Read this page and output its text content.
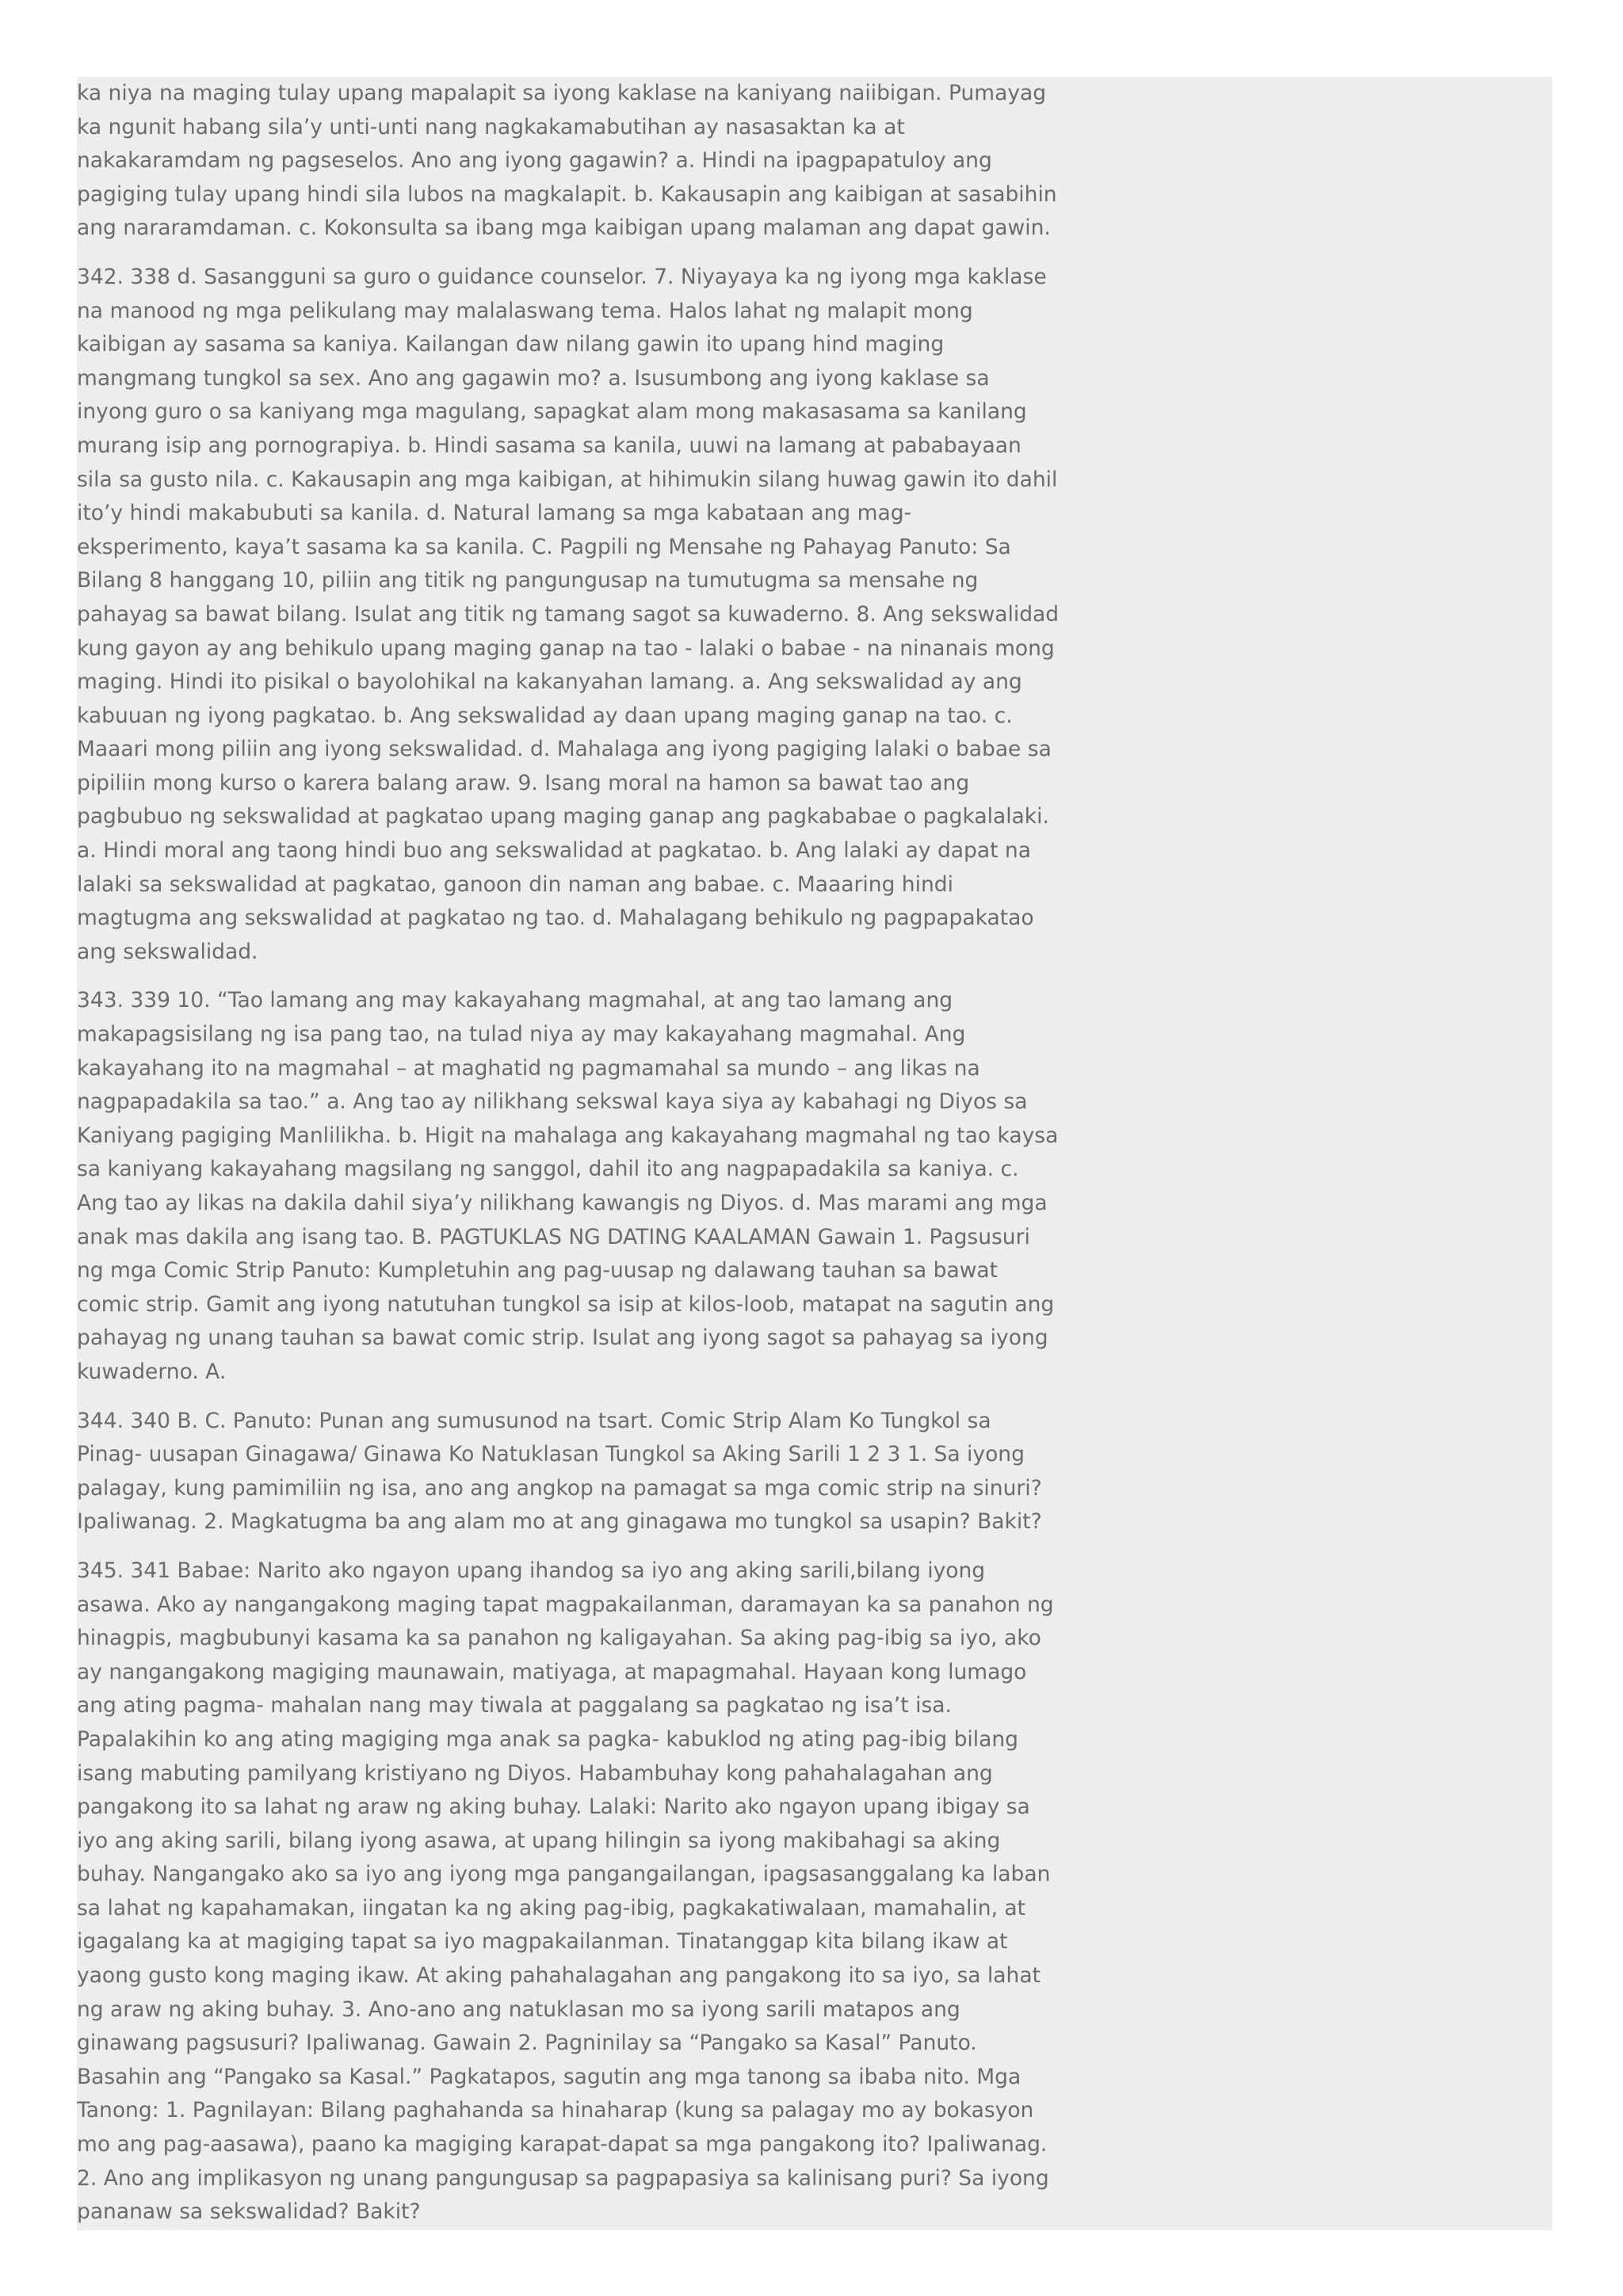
ka niya na maging tulay upang mapalapit sa iyong kaklase na kaniyang naiibigan. Pumayag ka ngunit habang sila’y unti-unti nang nagkakamabutihan ay nasasaktan ka at nakakaramdam ng pagseselos. Ano ang iyong gagawin? a. Hindi na ipagpapatuloy ang pagiging tulay upang hindi sila lubos na magkalapit. b. Kakausapin ang kaibigan at sasabihin ang nararamdaman. c. Kokonsulta sa ibang mga kaibigan upang malaman ang dapat gawin.

342. 338 d. Sasangguni sa guro o guidance counselor. 7. Niyayaya ka ng iyong mga kaklase na manood ng mga pelikulang may malalaswang tema. Halos lahat ng malapit mong kaibigan ay sasama sa kaniya. Kailangan daw nilang gawin ito upang hind maging mangmang tungkol sa sex. Ano ang gagawin mo? a. Isusumbong ang iyong kaklase sa inyong guro o sa kaniyang mga magulang, sapagkat alam mong makasasama sa kanilang murang isip ang pornograpiya. b. Hindi sasama sa kanila, uuwi na lamang at pababayaan sila sa gusto nila. c. Kakausapin ang mga kaibigan, at hihimukin silang huwag gawin ito dahil ito’y hindi makabubuti sa kanila. d. Natural lamang sa mga kabataan ang mag-eksperimento, kaya’t sasama ka sa kanila. C. Pagpili ng Mensahe ng Pahayag Panuto: Sa Bilang 8 hanggang 10, piliin ang titik ng pangungusap na tumutugma sa mensahe ng pahayag sa bawat bilang. Isulat ang titik ng tamang sagot sa kuwaderno. 8. Ang sekswalidad kung gayon ay ang behikulo upang maging ganap na tao - lalaki o babae - na ninanais mong maging. Hindi ito pisikal o bayolohikal na kakanyahan lamang. a. Ang sekswalidad ay ang kabuuan ng iyong pagkatao. b. Ang sekswalidad ay daan upang maging ganap na tao. c. Maaari mong piliin ang iyong sekswalidad. d. Mahalaga ang iyong pagiging lalaki o babae sa pipiliin mong kurso o karera balang araw. 9. Isang moral na hamon sa bawat tao ang pagbubuo ng sekswalidad at pagkatao upang maging ganap ang pagkababae o pagkalalaki. a. Hindi moral ang taong hindi buo ang sekswalidad at pagkatao. b. Ang lalaki ay dapat na lalaki sa sekswalidad at pagkatao, ganoon din naman ang babae. c. Maaaring hindi magtugma ang sekswalidad at pagkatao ng tao. d. Mahalagang behikulo ng pagpapakatao ang sekswalidad.

343. 339 10. “Tao lamang ang may kakayahang magmahal, at ang tao lamang ang makapagsisilang ng isa pang tao, na tulad niya ay may kakayahang magmahal. Ang kakayahang ito na magmahal – at maghatid ng pagmamahal sa mundo – ang likas na nagpapadakila sa tao.” a. Ang tao ay nilikhang sekswal kaya siya ay kabahagi ng Diyos sa Kaniyang pagiging Manlilikha. b. Higit na mahalaga ang kakayahang magmahal ng tao kaysa sa kaniyang kakayahang magsilang ng sanggol, dahil ito ang nagpapadakila sa kaniya. c. Ang tao ay likas na dakila dahil siya’y nilikhang kawangis ng Diyos. d. Mas marami ang mga anak mas dakila ang isang tao. B. PAGTUKLAS NG DATING KAALAMAN Gawain 1. Pagsusuri ng mga Comic Strip Panuto: Kumpletuhin ang pag-uusap ng dalawang tauhan sa bawat comic strip. Gamit ang iyong natutuhan tungkol sa isip at kilos-loob, matapat na sagutin ang pahayag ng unang tauhan sa bawat comic strip. Isulat ang iyong sagot sa pahayag sa iyong kuwaderno. A.

344. 340 B. C. Panuto: Punan ang sumusunod na tsart. Comic Strip Alam Ko Tungkol sa Pinag- uusapan Ginagawa/ Ginawa Ko Natuklasan Tungkol sa Aking Sarili 1 2 3 1. Sa iyong palagay, kung pamimiliin ng isa, ano ang angkop na pamagat sa mga comic strip na sinuri? Ipaliwanag. 2. Magkatugma ba ang alam mo at ang ginagawa mo tungkol sa usapin? Bakit?

345. 341 Babae: Narito ako ngayon upang ihandog sa iyo ang aking sarili,bilang iyong asawa. Ako ay nangangakong maging tapat magpakailanman, daramayan ka sa panahon ng hinagpis, magbubunyi kasama ka sa panahon ng kaligayahan. Sa aking pag-ibig sa iyo, ako ay nangangakong magiging maunawain, matiyaga, at mapagmahal. Hayaan kong lumago ang ating pagma- mahalan nang may tiwala at paggalang sa pagkatao ng isa’t isa. Papalakihin ko ang ating magiging mga anak sa pagka- kabuklod ng ating pag-ibig bilang isang mabuting pamilyang kristiyano ng Diyos. Habambuhay kong pahahalagahan ang pangakong ito sa lahat ng araw ng aking buhay. Lalaki: Narito ako ngayon upang ibigay sa iyo ang aking sarili, bilang iyong asawa, at upang hilingin sa iyong makibahagi sa aking buhay. Nangangako ako sa iyo ang iyong mga pangangailangan, ipagsasanggalang ka laban sa lahat ng kapahamakan, iingatan ka ng aking pag-ibig, pagkakatiwalaan, mamahalin, at igagalang ka at magiging tapat sa iyo magpakailanman. Tinatanggap kita bilang ikaw at yaong gusto kong maging ikaw. At aking pahahalagahan ang pangakong ito sa iyo, sa lahat ng araw ng aking buhay. 3. Ano-ano ang natuklasan mo sa iyong sarili matapos ang ginawang pagsusuri? Ipaliwanag. Gawain 2. Pagninilay sa “Pangako sa Kasal” Panuto. Basahin ang “Pangako sa Kasal.” Pagkatapos, sagutin ang mga tanong sa ibaba nito. Mga Tanong: 1. Pagnilayan: Bilang paghahanda sa hinaharap (kung sa palagay mo ay bokasyon mo ang pag-aasawa), paano ka magiging karapat-dapat sa mga pangakong ito? Ipaliwanag. 2. Ano ang implikasyon ng unang pangungusap sa pagpapasiya sa kalinisang puri? Sa iyong pananaw sa sekswalidad? Bakit?
